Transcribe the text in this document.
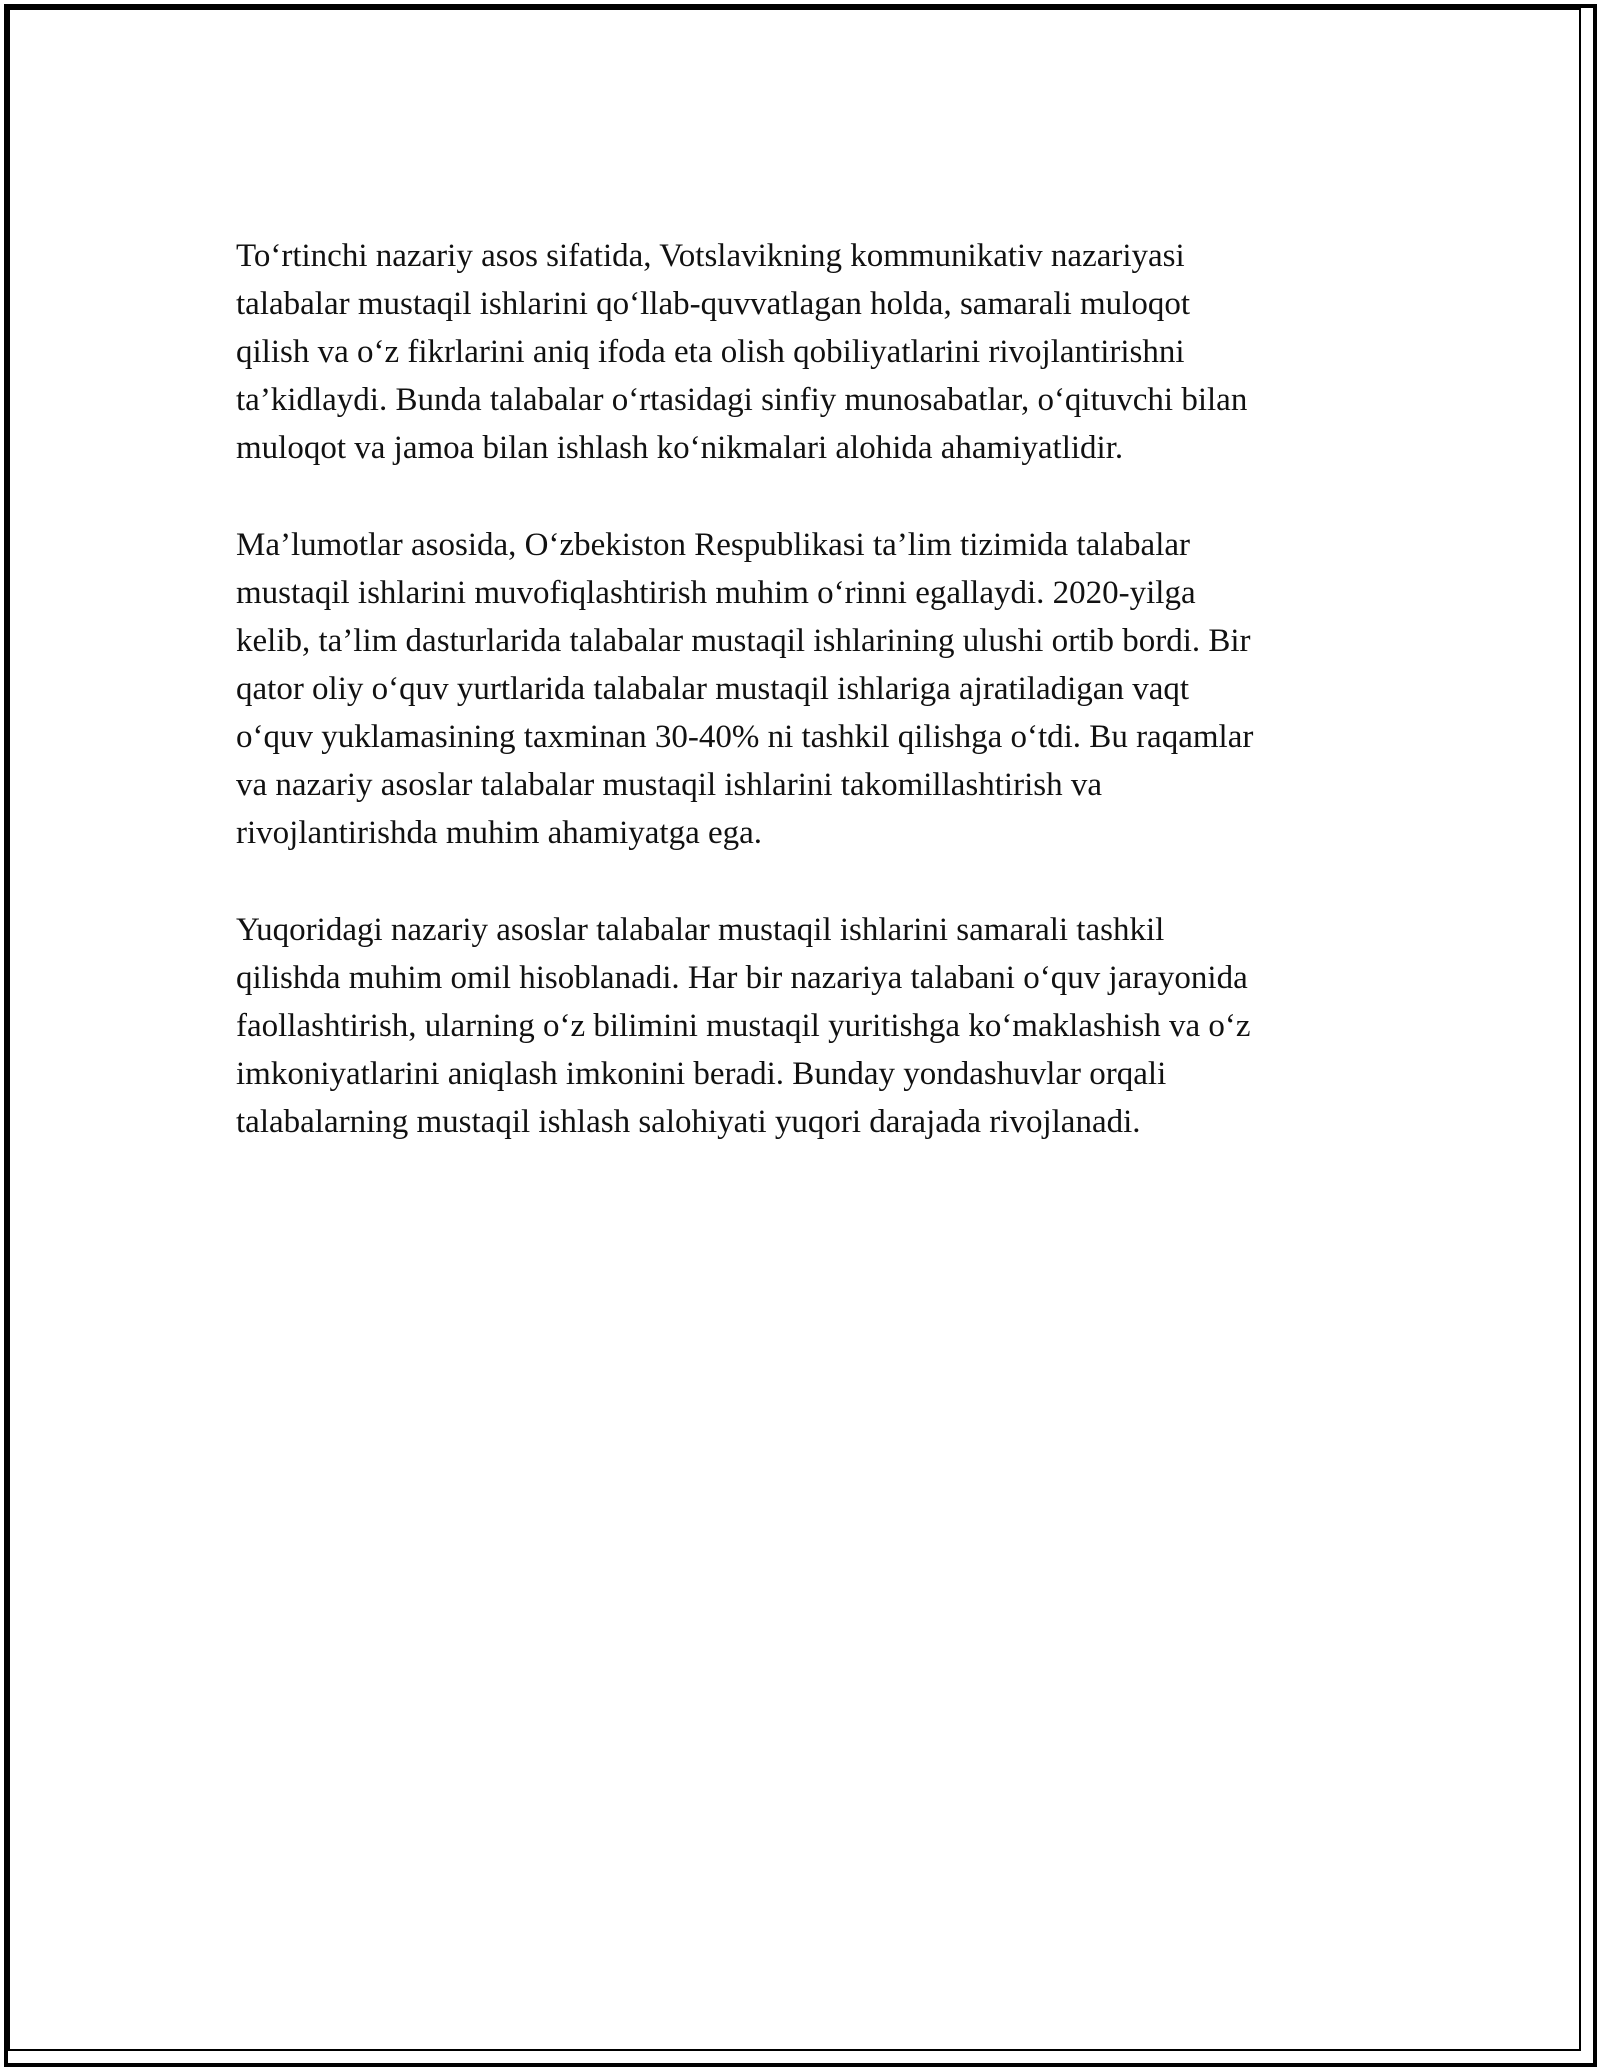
To‘rtinchi nazariy asos sifatida, Votslavikning kommunikativ nazariyasi
talabalar mustaqil ishlarini qo‘llab-quvvatlagan holda, samarali muloqot
qilish va o‘z fikrlarini aniq ifoda eta olish qobiliyatlarini rivojlantirishni
ta’kidlaydi. Bunda talabalar o‘rtasidagi sinfiy munosabatlar, o‘qituvchi bilan
muloqot va jamoa bilan ishlash ko‘nikmalari alohida ahamiyatlidir.

Ma’lumotlar asosida, O‘zbekiston Respublikasi ta’lim tizimida talabalar
mustaqil ishlarini muvofiqlashtirish muhim o‘rinni egallaydi. 2020-yilga
kelib, ta’lim dasturlarida talabalar mustaqil ishlarining ulushi ortib bordi. Bir
qator oliy o‘quv yurtlarida talabalar mustaqil ishlariga ajratiladigan vaqt
o‘quv yuklamasining taxminan 30-40% ni tashkil qilishga o‘tdi. Bu raqamlar
va nazariy asoslar talabalar mustaqil ishlarini takomillashtirish va
rivojlantirishda muhim ahamiyatga ega.

Yuqoridagi nazariy asoslar talabalar mustaqil ishlarini samarali tashkil
qilishda muhim omil hisoblanadi. Har bir nazariya talabani o‘quv jarayonida
faollashtirish, ularning o‘z bilimini mustaqil yuritishga ko‘maklashish va o‘z
imkoniyatlarini aniqlash imkonini beradi. Bunday yondashuvlar orqali
talabalarning mustaqil ishlash salohiyati yuqori darajada rivojlanadi.
